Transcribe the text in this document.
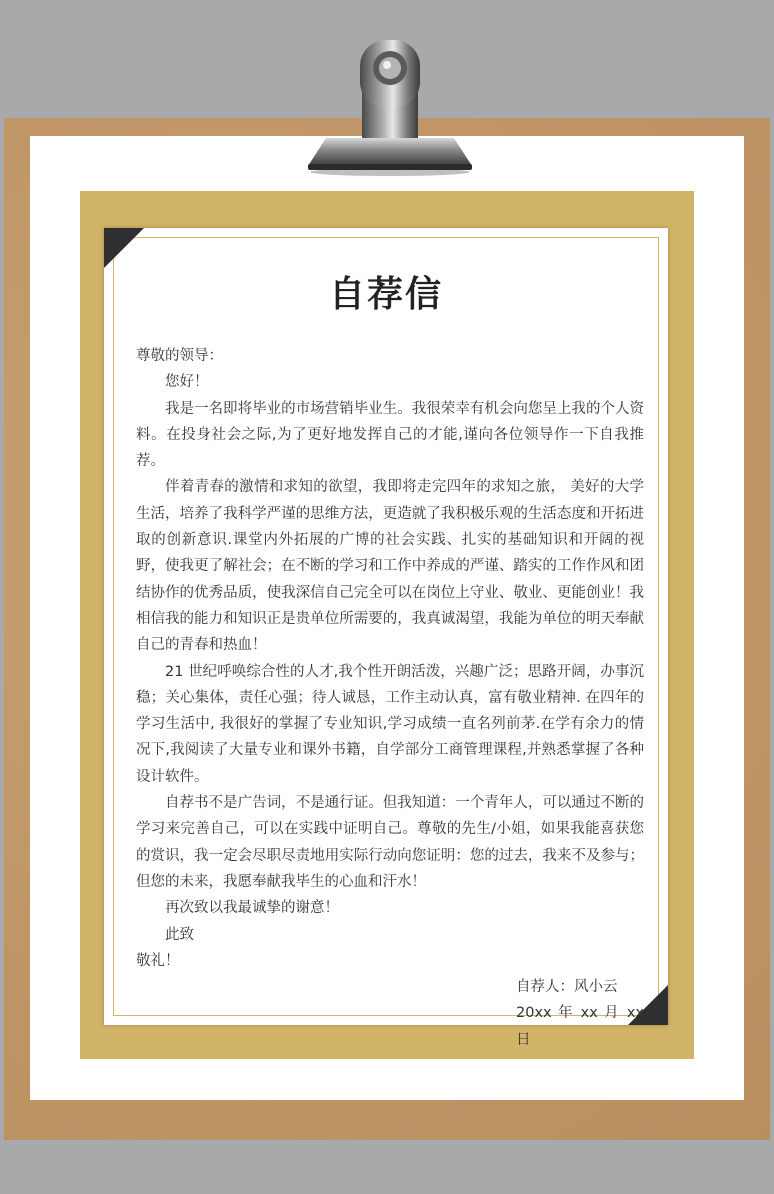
自荐信

尊敬的领导：

您好！

我是一名即将毕业的市场营销毕业生。我很荣幸有机会向您呈上我的个人资料。在投身社会之际,为了更好地发挥自己的才能,谨向各位领导作一下自我推荐。

伴着青春的激情和求知的欲望，我即将走完四年的求知之旅， 美好的大学生活，培养了我科学严谨的思维方法，更造就了我积极乐观的生活态度和开拓进取的创新意识.课堂内外拓展的广博的社会实践、扎实的基础知识和开阔的视野，使我更了解社会；在不断的学习和工作中养成的严谨、踏实的工作作风和团结协作的优秀品质，使我深信自己完全可以在岗位上守业、敬业、更能创业！我相信我的能力和知识正是贵单位所需要的，我真诚渴望，我能为单位的明天奉献自己的青春和热血！

21 世纪呼唤综合性的人才,我个性开朗活泼，兴趣广泛；思路开阔，办事沉稳；关心集体，责任心强；待人诚恳，工作主动认真，富有敬业精神. 在四年的学习生活中, 我很好的掌握了专业知识,学习成绩一直名列前茅.在学有余力的情况下,我阅读了大量专业和课外书籍，自学部分工商管理课程,并熟悉掌握了各种设计软件。

自荐书不是广告词，不是通行证。但我知道：一个青年人，可以通过不断的学习来完善自己，可以在实践中证明自己。尊敬的先生/小姐，如果我能喜获您的赏识，我一定会尽职尽责地用实际行动向您证明：您的过去，我来不及参与；但您的未来，我愿奉献我毕生的心血和汗水！

再次致以我最诚挚的谢意！

此致

敬礼！

自荐人：风小云

20xx 年 xx 月 xx 日
